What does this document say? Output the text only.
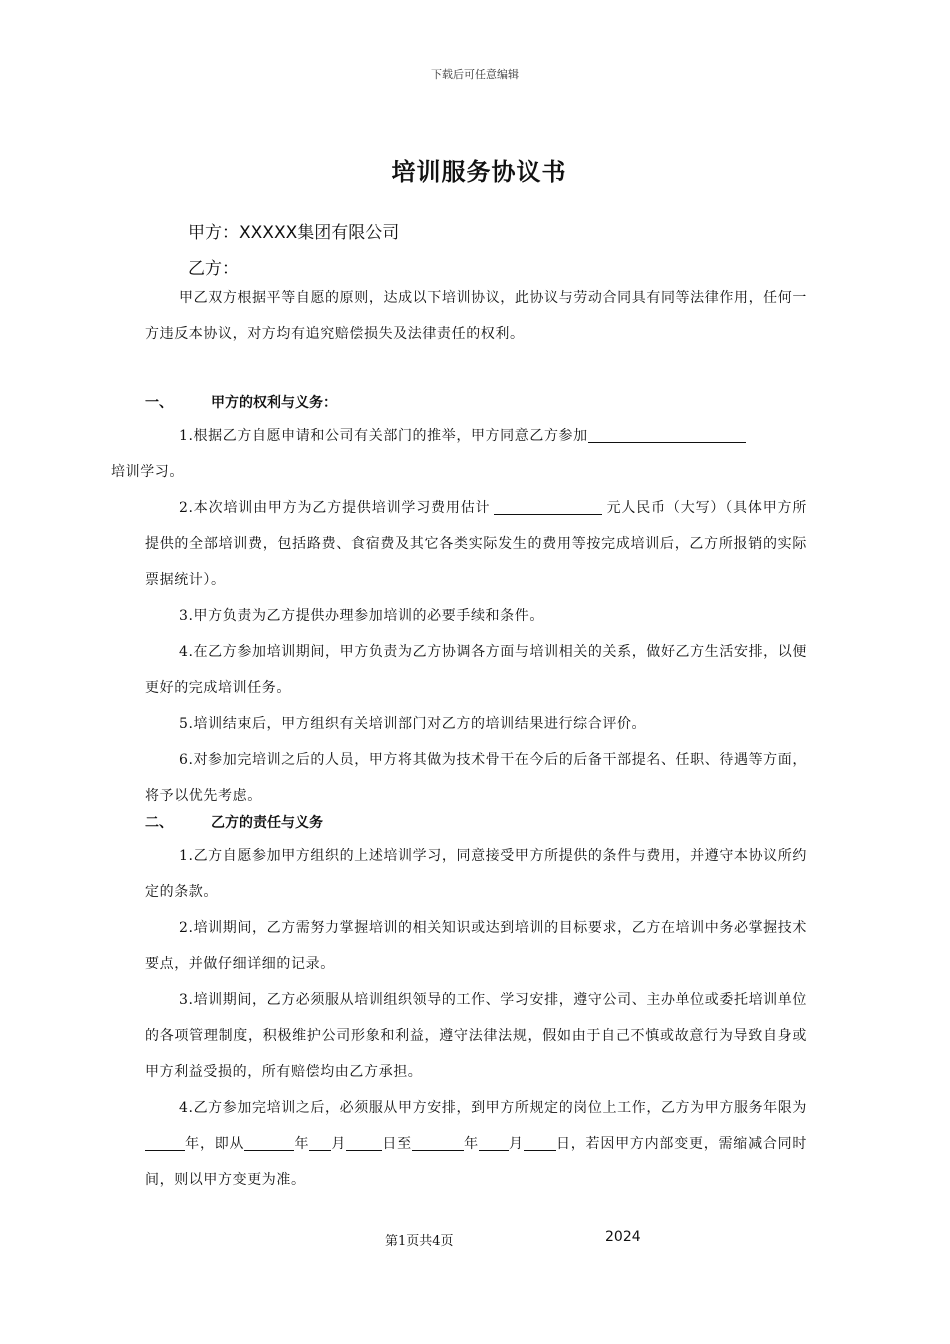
下载后可任意编辑
培训服务协议书
甲方：XXXXX集团有限公司
乙方：
甲乙双方根据平等自愿的原则，达成以下培训协议，此协议与劳动合同具有同等法律作用，任何一方违反本协议，对方均有追究赔偿损失及法律责任的权利。
一、	甲方的权利与义务：
1.根据乙方自愿申请和公司有关部门的推举，甲方同意乙方参加
培训学习。
2.本次培训由甲方为乙方提供培训学习费用估计	元人民币（大写）（具体甲方所提供的全部培训费，包括路费、食宿费及其它各类实际发生的费用等按完成培训后，乙方所报销的实际票据统计）。
3.甲方负责为乙方提供办理参加培训的必要手续和条件。
4.在乙方参加培训期间，甲方负责为乙方协调各方面与培训相关的关系，做好乙方生活安排，以便更好的完成培训任务。
5.培训结束后，甲方组织有关培训部门对乙方的培训结果进行综合评价。
6.对参加完培训之后的人员，甲方将其做为技术骨干在今后的后备干部提名、任职、待遇等方面，将予以优先考虑。
二、	乙方的责任与义务
1.乙方自愿参加甲方组织的上述培训学习，同意接受甲方所提供的条件与费用，并遵守本协议所约定的条款。
2.培训期间，乙方需努力掌握培训的相关知识或达到培训的目标要求，乙方在培训中务必掌握技术要点，并做仔细详细的记录。
3.培训期间，乙方必须服从培训组织领导的工作、学习安排，遵守公司、主办单位或委托培训单位的各项管理制度，积极维护公司形象和利益，遵守法律法规，假如由于自己不慎或故意行为导致自身或甲方利益受损的，所有赔偿均由乙方承担。
4.乙方参加完培训之后，必须服从甲方安排，到甲方所规定的岗位上工作，乙方为甲方服务年限为年，即从	年 月	日至	年 月 日，若因甲方内部变更，需缩减合同时间，则以甲方变更为准。
第1页共4页	2024
